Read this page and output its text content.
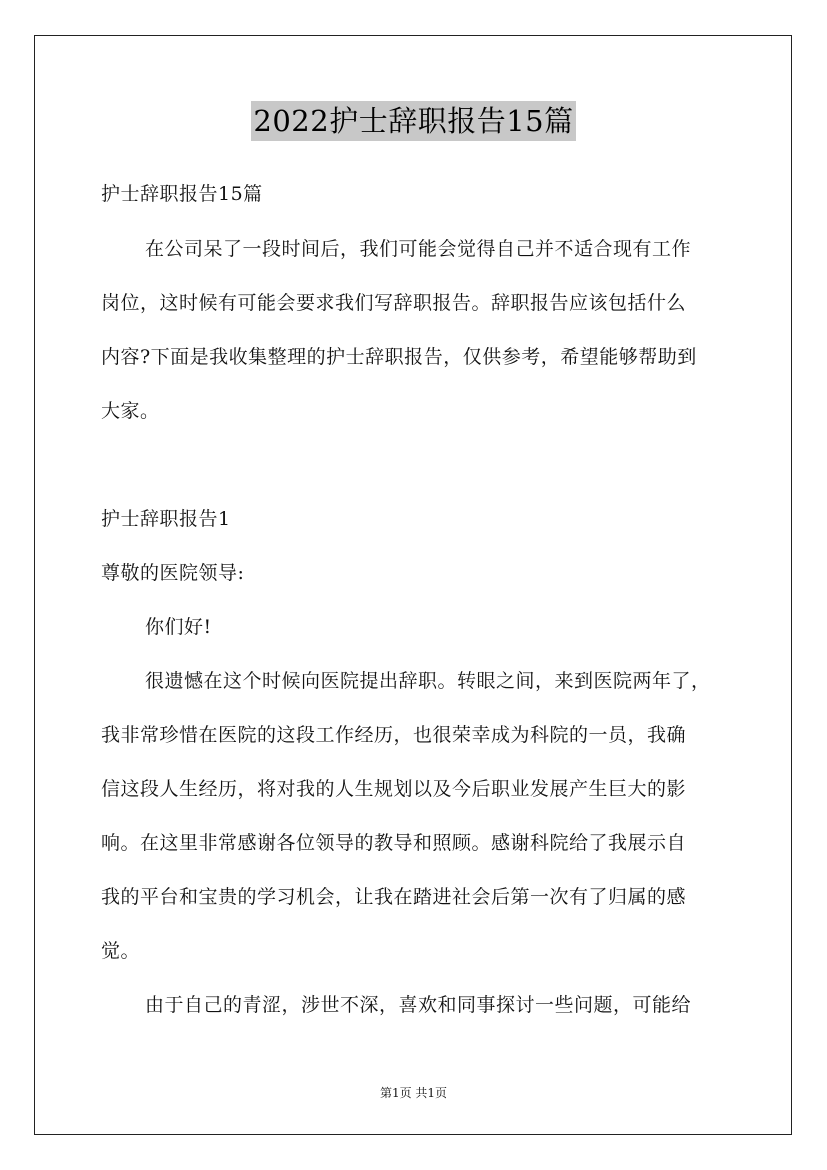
2022护士辞职报告15篇
护士辞职报告15篇
在公司呆了一段时间后，我们可能会觉得自己并不适合现有工作
岗位，这时候有可能会要求我们写辞职报告。辞职报告应该包括什么
内容?下面是我收集整理的护士辞职报告，仅供参考，希望能够帮助到
大家。
护士辞职报告1
尊敬的医院领导:
你们好!
很遗憾在这个时候向医院提出辞职。转眼之间，来到医院两年了，
我非常珍惜在医院的这段工作经历，也很荣幸成为科院的一员，我确
信这段人生经历，将对我的人生规划以及今后职业发展产生巨大的影
响。在这里非常感谢各位领导的教导和照顾。感谢科院给了我展示自
我的平台和宝贵的学习机会，让我在踏进社会后第一次有了归属的感
觉。
由于自己的青涩，涉世不深，喜欢和同事探讨一些问题，可能给
第1页 共1页
